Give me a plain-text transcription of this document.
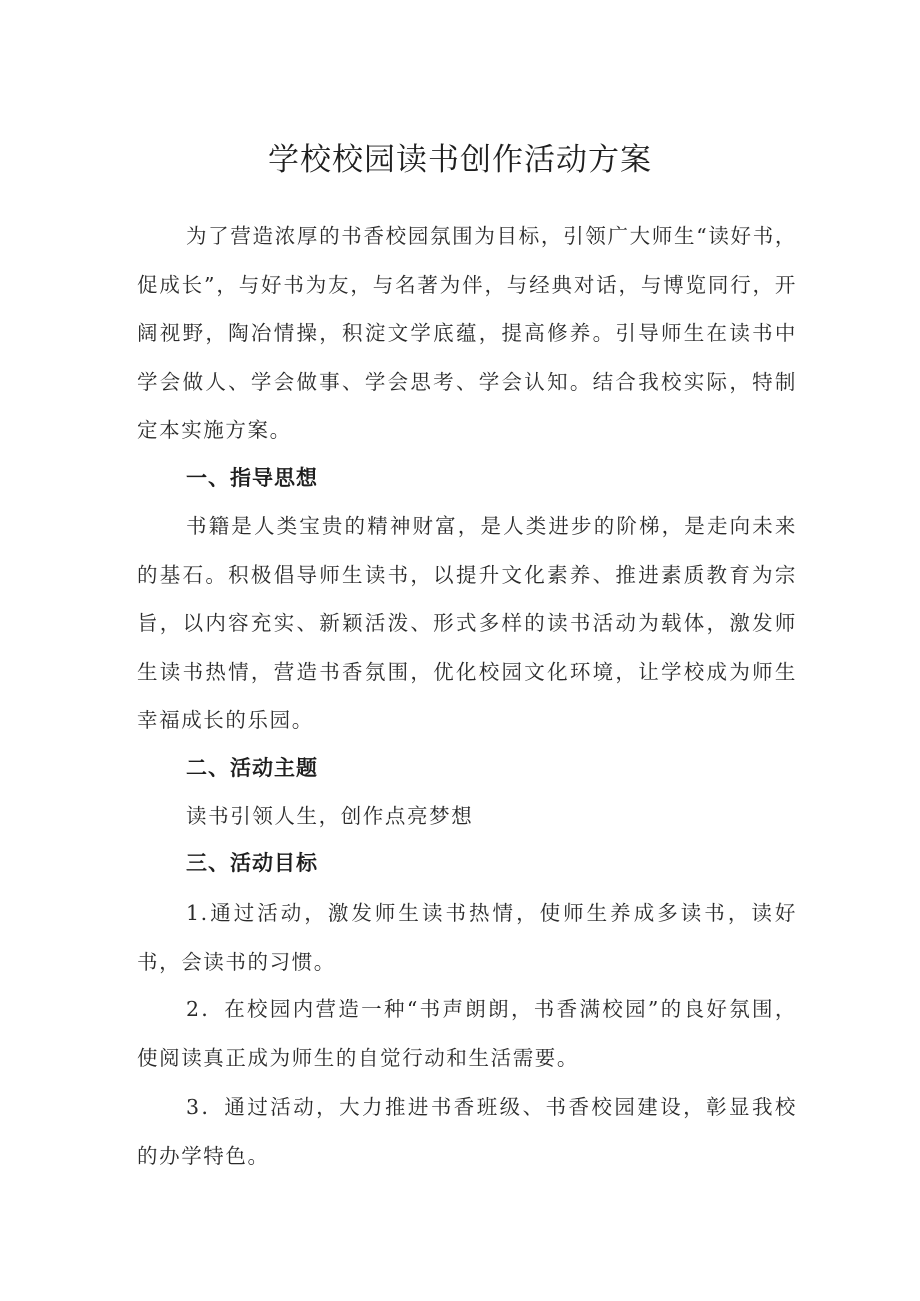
学校校园读书创作活动方案

为了营造浓厚的书香校园氛围为目标，引领广大师生“读好书，促成长”，与好书为友，与名著为伴，与经典对话，与博览同行，开阔视野，陶冶情操，积淀文学底蕴，提高修养。引导师生在读书中学会做人、学会做事、学会思考、学会认知。结合我校实际，特制定本实施方案。

一、指导思想

书籍是人类宝贵的精神财富，是人类进步的阶梯，是走向未来的基石。积极倡导师生读书，以提升文化素养、推进素质教育为宗旨，以内容充实、新颖活泼、形式多样的读书活动为载体，激发师生读书热情，营造书香氛围，优化校园文化环境，让学校成为师生幸福成长的乐园。

二、活动主题
读书引领人生，创作点亮梦想
三、活动目标

1.通过活动，激发师生读书热情，使师生养成多读书，读好书，会读书的习惯。

2．在校园内营造一种“书声朗朗，书香满校园”的良好氛围，使阅读真正成为师生的自觉行动和生活需要。

3．通过活动，大力推进书香班级、书香校园建设，彰显我校的办学特色。
